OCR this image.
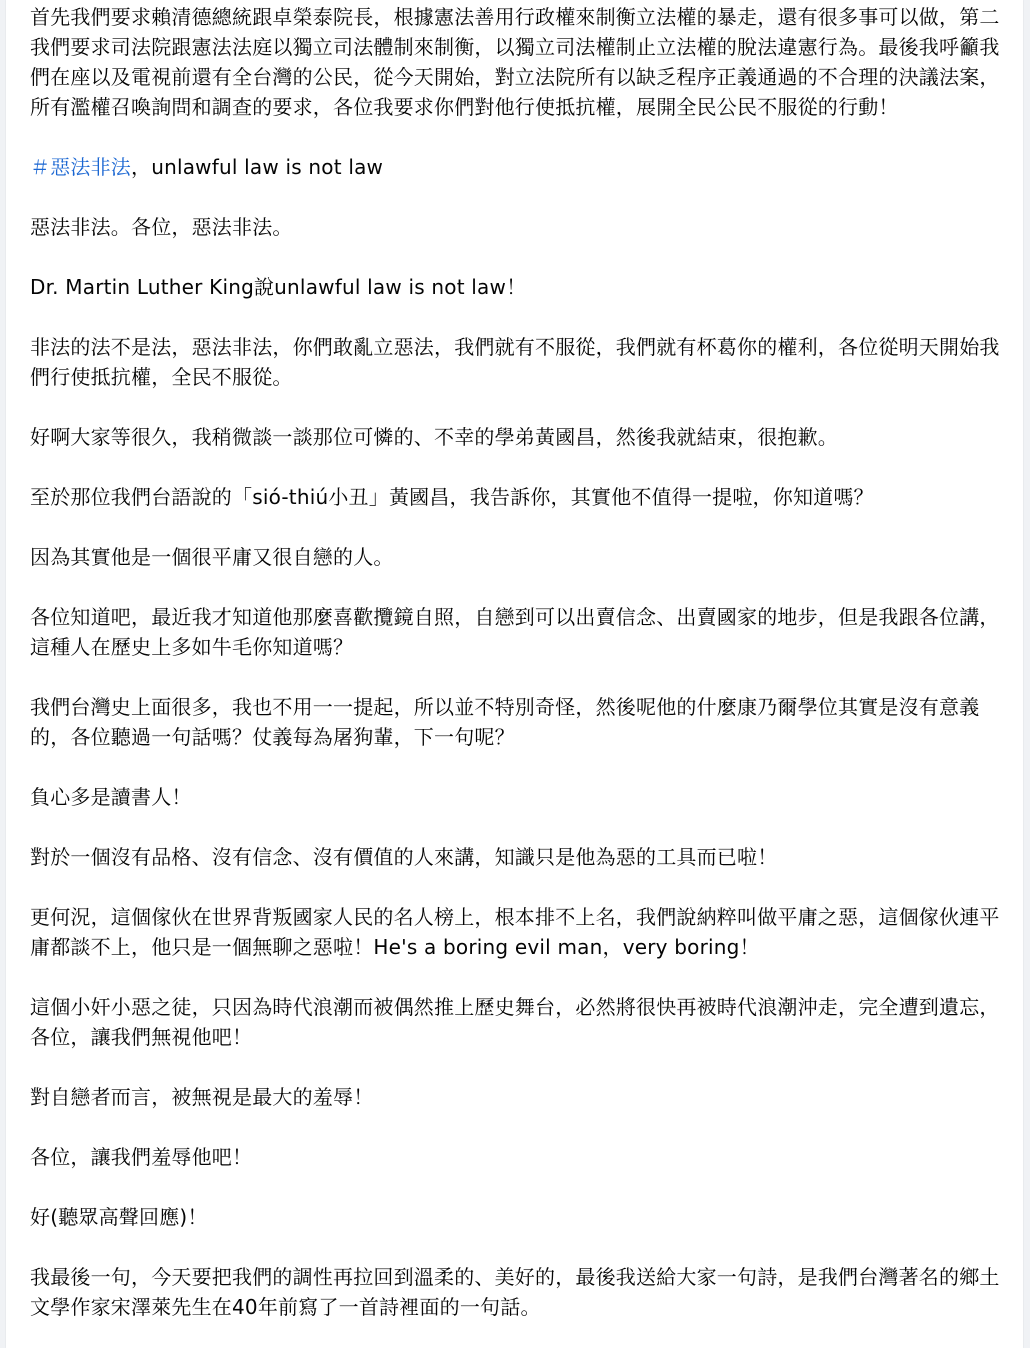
首先我們要求賴清德總統跟卓榮泰院長，根據憲法善用行政權來制衡立法權的暴走，還有很多事可以做，第二我們要求司法院跟憲法法庭以獨立司法體制來制衡，以獨立司法權制止立法權的脫法違憲行為。最後我呼籲我們在座以及電視前還有全台灣的公民，從今天開始，對立法院所有以缺乏程序正義通過的不合理的決議法案，所有濫權召喚詢問和調查的要求，各位我要求你們對他行使抵抗權，展開全民公民不服從的行動！

＃惡法非法，unlawful law is not law

惡法非法。各位，惡法非法。

Dr. Martin Luther King說unlawful law is not law！

非法的法不是法，惡法非法，你們敢亂立惡法，我們就有不服從，我們就有杯葛你的權利，各位從明天開始我們行使抵抗權，全民不服從。

好啊大家等很久，我稍微談一談那位可憐的、不幸的學弟黃國昌，然後我就結束，很抱歉。

至於那位我們台語說的「sió-thiú小丑」黃國昌，我告訴你，其實他不值得一提啦，你知道嗎？

因為其實他是一個很平庸又很自戀的人。

各位知道吧，最近我才知道他那麼喜歡攬鏡自照，自戀到可以出賣信念、出賣國家的地步，但是我跟各位講，這種人在歷史上多如牛毛你知道嗎？

我們台灣史上面很多，我也不用一一提起，所以並不特別奇怪，然後呢他的什麼康乃爾學位其實是沒有意義的，各位聽過一句話嗎？仗義每為屠狗輩，下一句呢？

負心多是讀書人！

對於一個沒有品格、沒有信念、沒有價值的人來講，知識只是他為惡的工具而已啦！

更何況，這個傢伙在世界背叛國家人民的名人榜上，根本排不上名，我們說納粹叫做平庸之惡，這個傢伙連平庸都談不上，他只是一個無聊之惡啦！He's a boring evil man，very boring！

這個小奸小惡之徒，只因為時代浪潮而被偶然推上歷史舞台，必然將很快再被時代浪潮沖走，完全遭到遺忘，各位，讓我們無視他吧！

對自戀者而言，被無視是最大的羞辱！

各位，讓我們羞辱他吧！

好(聽眾高聲回應)！

我最後一句，今天要把我們的調性再拉回到溫柔的、美好的，最後我送給大家一句詩，是我們台灣著名的鄉土文學作家宋澤萊先生在40年前寫了一首詩裡面的一句話。
